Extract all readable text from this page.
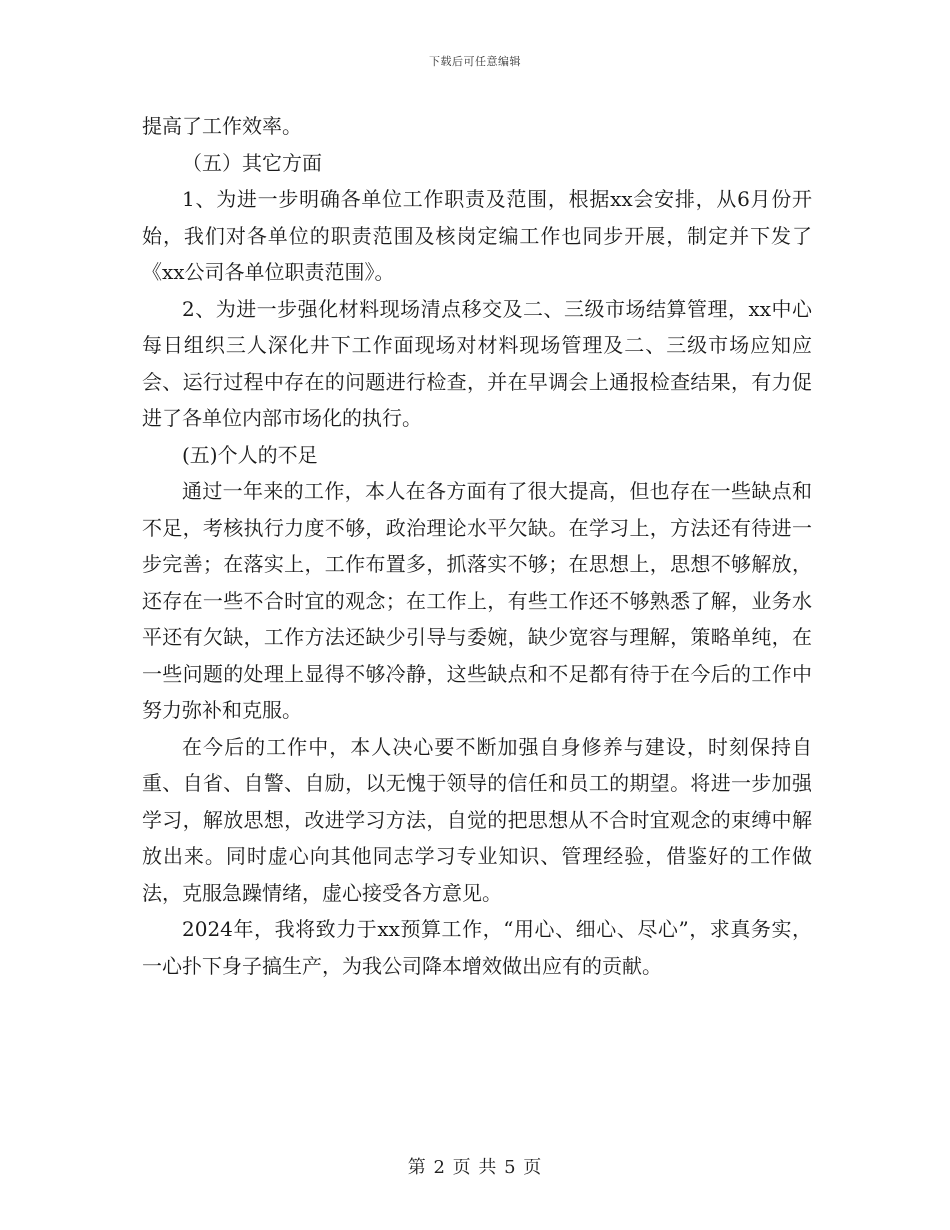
下载后可任意编辑

提高了工作效率。

（五）其它方面

1、为进一步明确各单位工作职责及范围，根据xx会安排，从6月份开始，我们对各单位的职责范围及核岗定编工作也同步开展，制定并下发了《xx公司各单位职责范围》。

2、为进一步强化材料现场清点移交及二、三级市场结算管理，xx中心每日组织三人深化井下工作面现场对材料现场管理及二、三级市场应知应会、运行过程中存在的问题进行检查，并在早调会上通报检查结果，有力促进了各单位内部市场化的执行。

(五)个人的不足

通过一年来的工作，本人在各方面有了很大提高，但也存在一些缺点和不足，考核执行力度不够，政治理论水平欠缺。在学习上，方法还有待进一步完善；在落实上，工作布置多，抓落实不够；在思想上，思想不够解放，还存在一些不合时宜的观念；在工作上，有些工作还不够熟悉了解，业务水平还有欠缺，工作方法还缺少引导与委婉，缺少宽容与理解，策略单纯，在一些问题的处理上显得不够冷静，这些缺点和不足都有待于在今后的工作中努力弥补和克服。

在今后的工作中，本人决心要不断加强自身修养与建设，时刻保持自重、自省、自警、自励，以无愧于领导的信任和员工的期望。将进一步加强学习，解放思想，改进学习方法，自觉的把思想从不合时宜观念的束缚中解放出来。同时虚心向其他同志学习专业知识、管理经验，借鉴好的工作做法，克服急躁情绪，虚心接受各方意见。

2024年，我将致力于xx预算工作，“用心、细心、尽心”，求真务实，一心扑下身子搞生产，为我公司降本增效做出应有的贡献。

第 2 页 共 5 页
